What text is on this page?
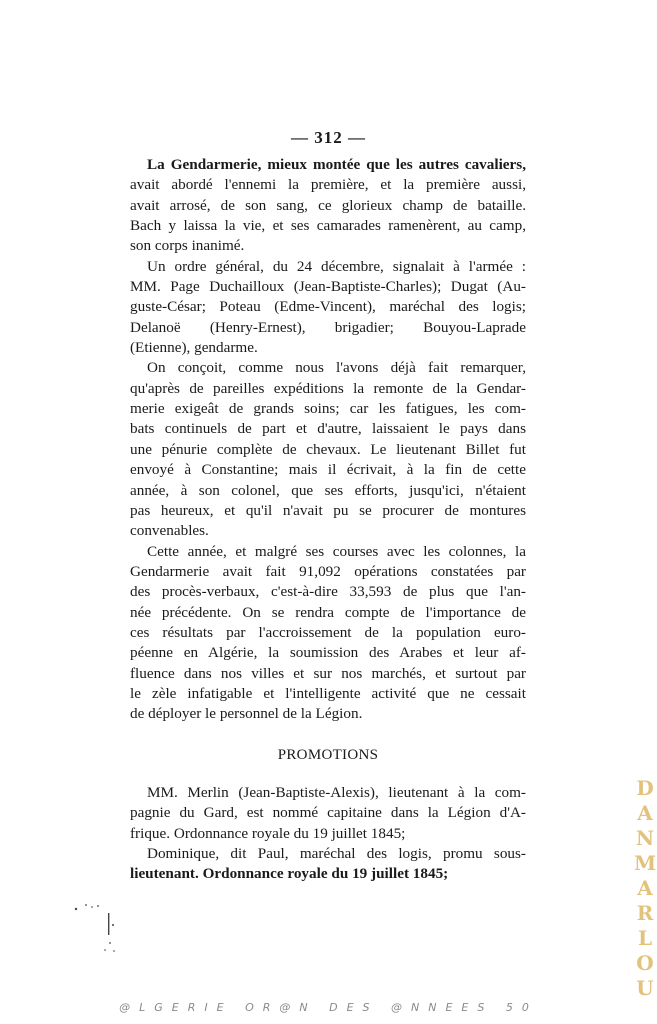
— 312 —
La Gendarmerie, mieux montée que les autres cavaliers,
avait abordé l'ennemi la première, et la première aussi,
avait arrosé, de son sang, ce glorieux champ de bataille.
Bach y laissa la vie, et ses camarades ramenèrent, au camp,
son corps inanimé.
Un ordre général, du 24 décembre, signalait à l'armée :
MM. Page Duchailloux (Jean-Baptiste-Charles); Dugat (Au-
guste-César; Poteau (Edme-Vincent), maréchal des logis;
Delanoë (Henry-Ernest), brigadier; Bouyou-Laprade
(Etienne), gendarme.
On conçoit, comme nous l'avons déjà fait remarquer,
qu'après de pareilles expéditions la remonte de la Gendar-
merie exigeât de grands soins; car les fatigues, les com-
bats continuels de part et d'autre, laissaient le pays dans
une pénurie complète de chevaux. Le lieutenant Billet fut
envoyé à Constantine; mais il écrivait, à la fin de cette
année, à son colonel, que ses efforts, jusqu'ici, n'étaient
pas heureux, et qu'il n'avait pu se procurer de montures
convenables.
Cette année, et malgré ses courses avec les colonnes, la
Gendarmerie avait fait 91,092 opérations constatées par
des procès-verbaux, c'est-à-dire 33,593 de plus que l'an-
née précédente. On se rendra compte de l'importance de
ces résultats par l'accroissement de la population euro-
péenne en Algérie, la soumission des Arabes et leur af-
fluence dans nos villes et sur nos marchés, et surtout par
le zèle infatigable et l'intelligente activité que ne cessait
de déployer le personnel de la Légion.
PROMOTIONS
MM. Merlin (Jean-Baptiste-Alexis), lieutenant à la com-
pagnie du Gard, est nommé capitaine dans la Légion d'A-
frique. Ordonnance royale du 19 juillet 1845;
Dominique, dit Paul, maréchal des logis, promu sous-
lieutenant. Ordonnance royale du 19 juillet 1845;
DANMARLOU
@LGERIE OR@N DES @NNEES 50
